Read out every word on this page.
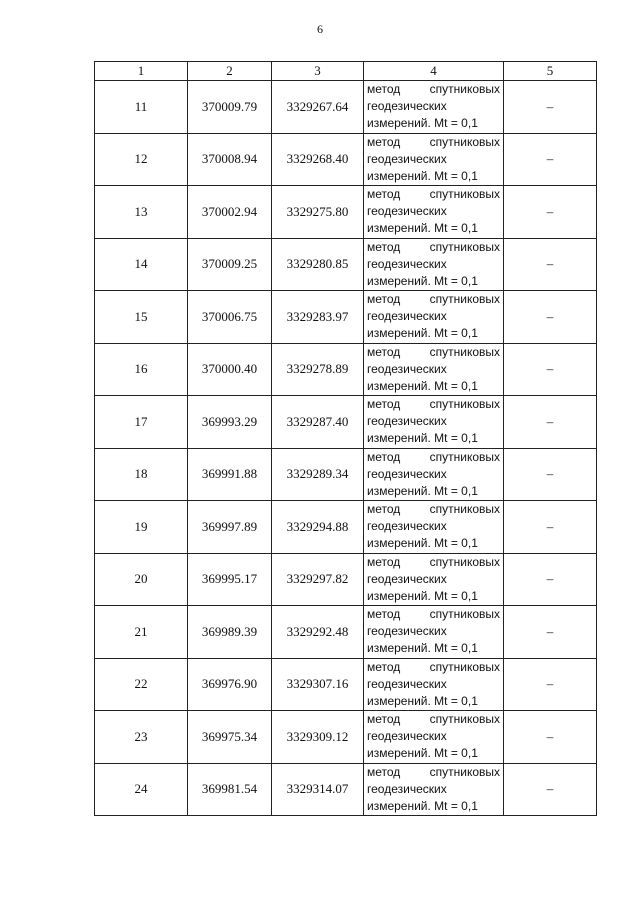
6
1	2	3	4	5
11	370009.79	3329267.64	метод спутниковых
геодезических
измерений. Mt = 0,1	–
12	370008.94	3329268.40	метод спутниковых
геодезических
измерений. Mt = 0,1	–
13	370002.94	3329275.80	метод спутниковых
геодезических
измерений. Mt = 0,1	–
14	370009.25	3329280.85	метод спутниковых
геодезических
измерений. Mt = 0,1	–
15	370006.75	3329283.97	метод спутниковых
геодезических
измерений. Mt = 0,1	–
16	370000.40	3329278.89	метод спутниковых
геодезических
измерений. Mt = 0,1	–
17	369993.29	3329287.40	метод спутниковых
геодезических
измерений. Mt = 0,1	–
18	369991.88	3329289.34	метод спутниковых
геодезических
измерений. Mt = 0,1	–
19	369997.89	3329294.88	метод спутниковых
геодезических
измерений. Mt = 0,1	–
20	369995.17	3329297.82	метод спутниковых
геодезических
измерений. Mt = 0,1	–
21	369989.39	3329292.48	метод спутниковых
геодезических
измерений. Mt = 0,1	–
22	369976.90	3329307.16	метод спутниковых
геодезических
измерений. Mt = 0,1	–
23	369975.34	3329309.12	метод спутниковых
геодезических
измерений. Mt = 0,1	–
24	369981.54	3329314.07	метод спутниковых
геодезических
измерений. Mt = 0,1	–
